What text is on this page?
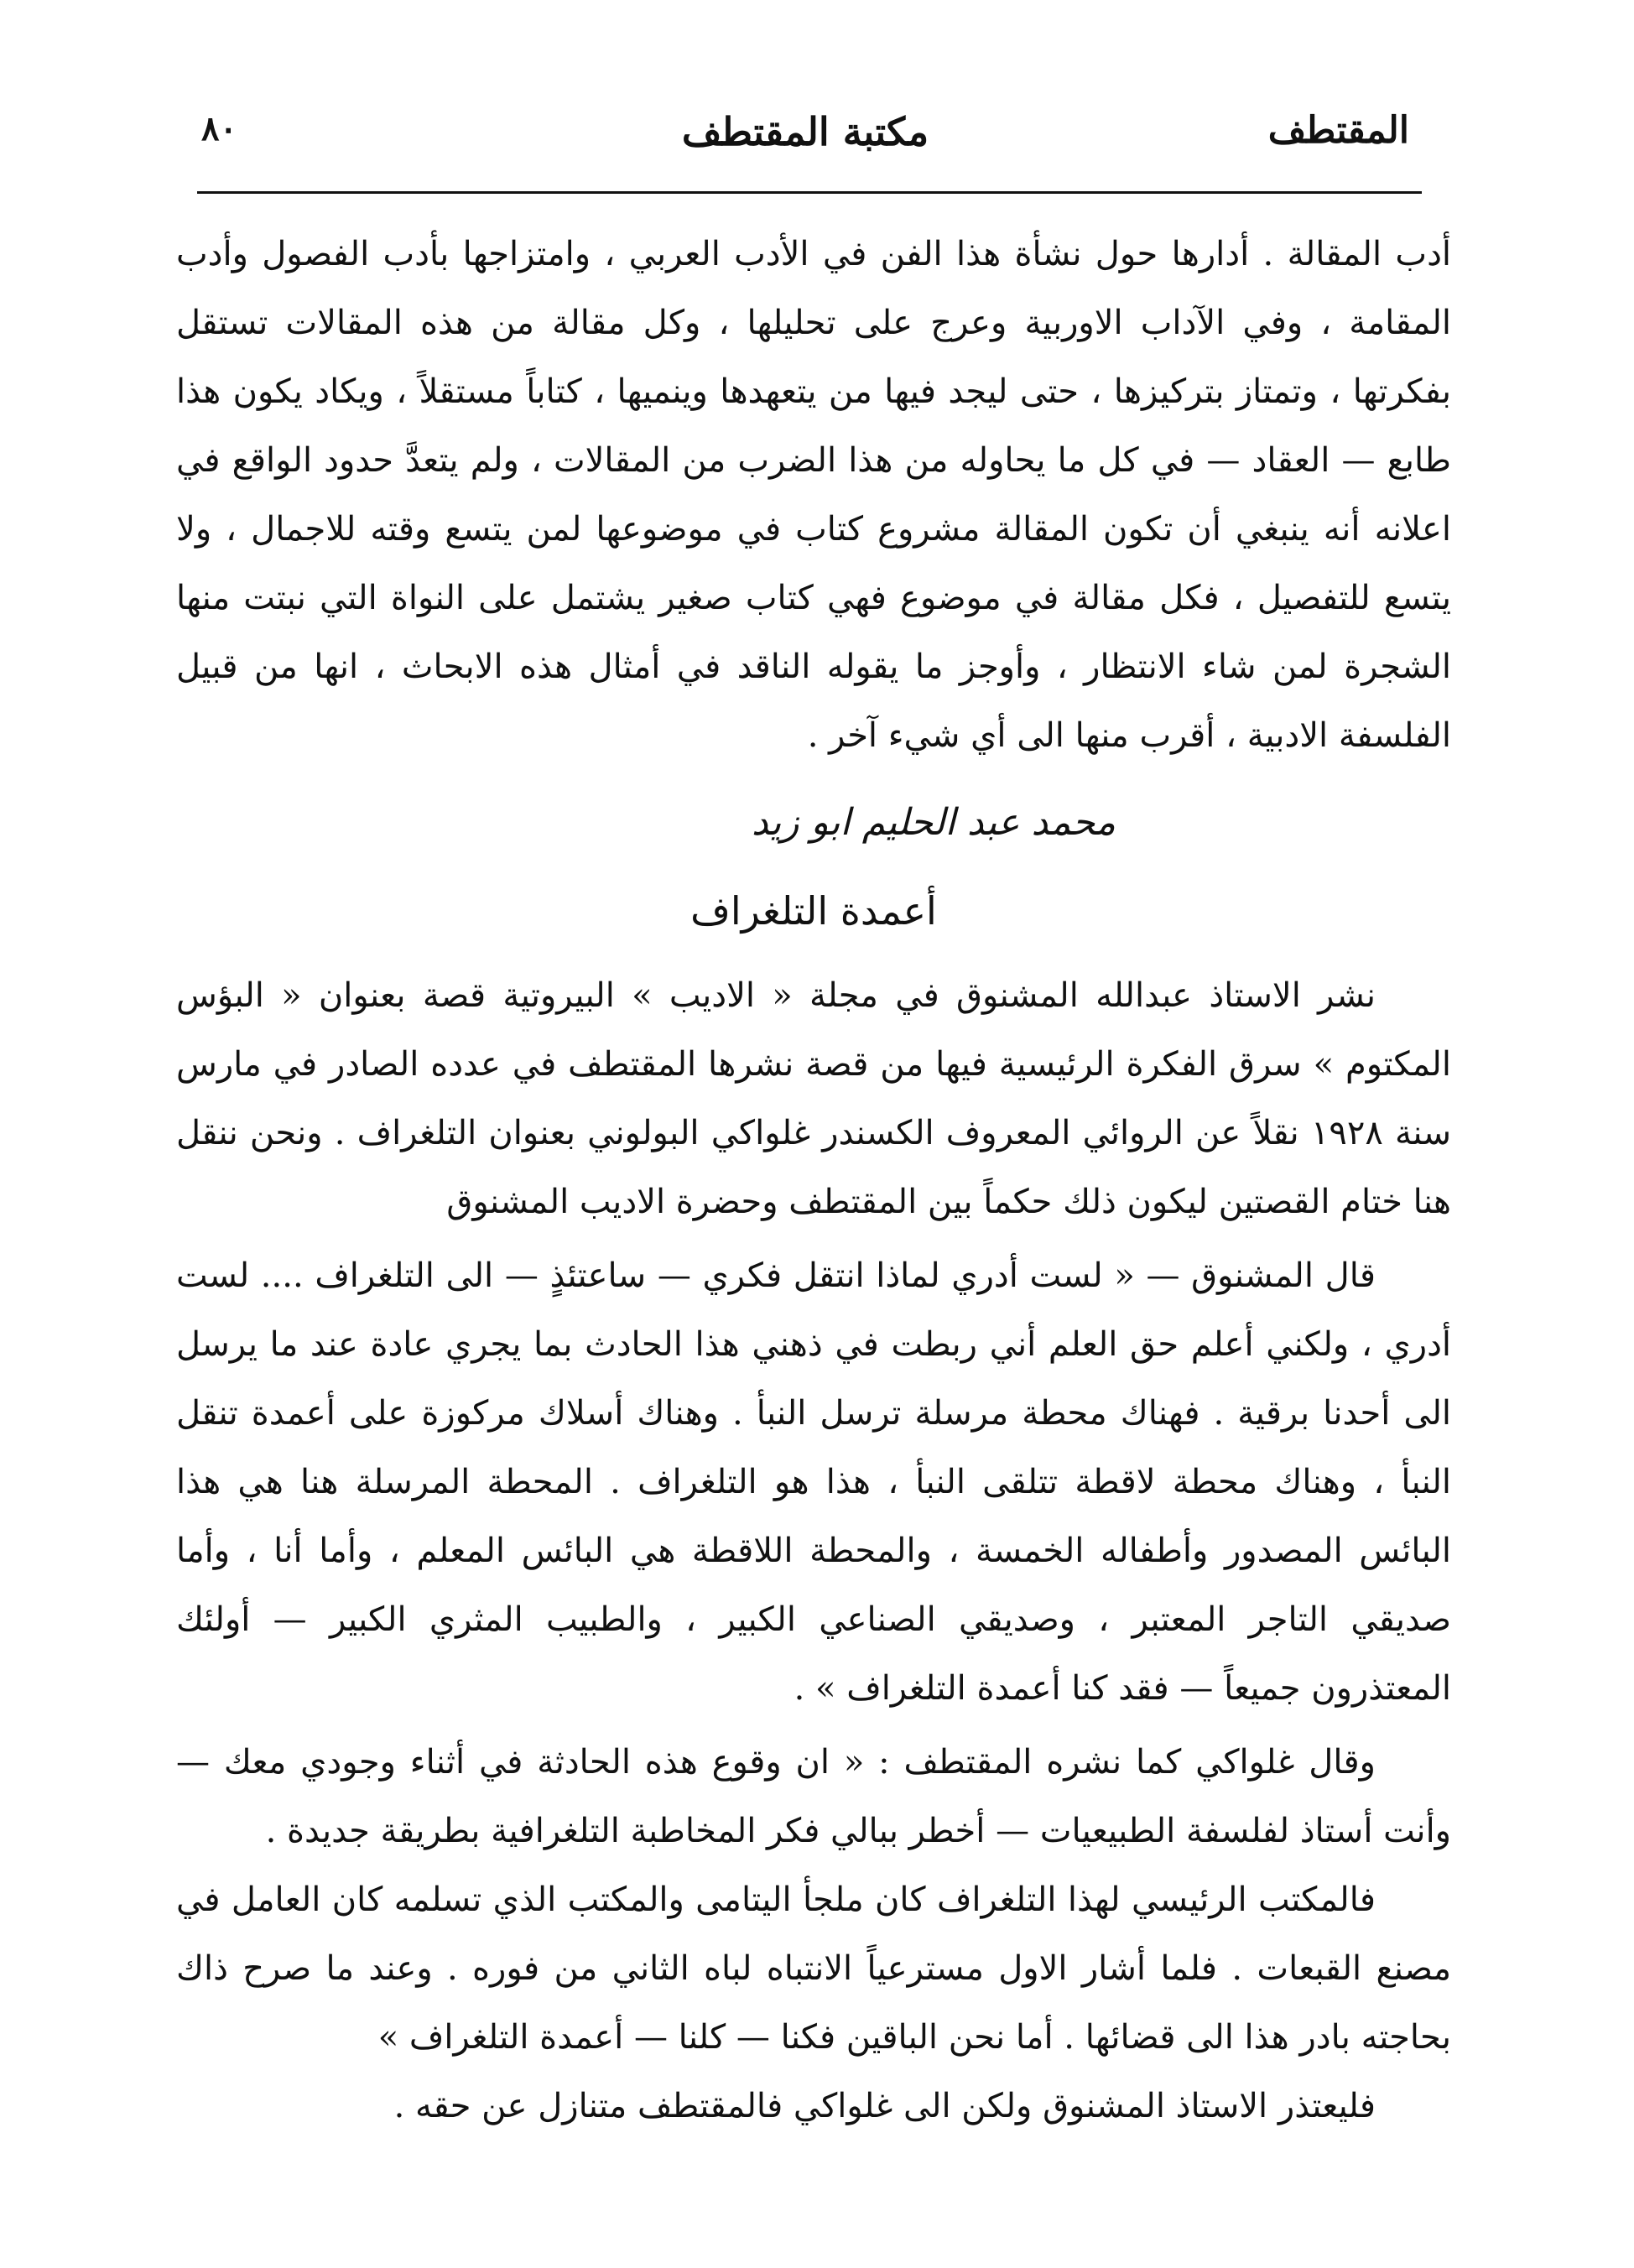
المقتطف
مكتبة المقتطف
٨٠

أدب المقالة . أدارها حول نشأة هذا الفن في الأدب العربي ، وامتزاجها بأدب الفصول وأدب المقامة ، وفي الآداب الاوربية وعرج على تحليلها ، وكل مقالة من هذه المقالات تستقل بفكرتها ، وتمتاز بتركيزها ، حتى ليجد فيها من يتعهدها وينميها ، كتاباً مستقلاً ، ويكاد يكون هذا طابع — العقاد — في كل ما يحاوله من هذا الضرب من المقالات ، ولم يتعدَّ حدود الواقع في اعلانه أنه ينبغي أن تكون المقالة مشروع كتاب في موضوعها لمن يتسع وقته للاجمال ، ولا يتسع للتفصيل ، فكل مقالة في موضوع فهي كتاب صغير يشتمل على النواة التي نبتت منها الشجرة لمن شاء الانتظار ، وأوجز ما يقوله الناقد في أمثال هذه الابحاث ، انها من قبيل الفلسفة الادبية ، أقرب منها الى أي شيء آخر .

محمد عبد الحليم ابو زيد
أعمدة التلغراف

نشر الاستاذ عبدالله المشنوق في مجلة « الاديب » البيروتية قصة بعنوان « البؤس المكتوم » سرق الفكرة الرئيسية فيها من قصة نشرها المقتطف في عدده الصادر في مارس سنة ١٩٢٨ نقلاً عن الروائي المعروف الكسندر غلواكي البولوني بعنوان التلغراف . ونحن ننقل هنا ختام القصتين ليكون ذلك حكماً بين المقتطف وحضرة الاديب المشنوق

قال المشنوق — « لست أدري لماذا انتقل فكري — ساعتئذٍ — الى التلغراف .... لست أدري ، ولكني أعلم حق العلم أني ربطت في ذهني هذا الحادث بما يجري عادة عند ما يرسل الى أحدنا برقية . فهناك محطة مرسلة ترسل النبأ . وهناك أسلاك مركوزة على أعمدة تنقل النبأ ، وهناك محطة لاقطة تتلقى النبأ ، هذا هو التلغراف . المحطة المرسلة هنا هي هذا البائس المصدور وأطفاله الخمسة ، والمحطة اللاقطة هي البائس المعلم ، وأما أنا ، وأما صديقي التاجر المعتبر ، وصديقي الصناعي الكبير ، والطبيب المثري الكبير — أولئك المعتذرون جميعاً — فقد كنا أعمدة التلغراف » .

وقال غلواكي كما نشره المقتطف : « ان وقوع هذه الحادثة في أثناء وجودي معك — وأنت أستاذ لفلسفة الطبيعيات — أخطر ببالي فكر المخاطبة التلغرافية بطريقة جديدة .

فالمكتب الرئيسي لهذا التلغراف كان ملجأ اليتامى والمكتب الذي تسلمه كان العامل في مصنع القبعات . فلما أشار الاول مسترعياً الانتباه لباه الثاني من فوره . وعند ما صرح ذاك بحاجته بادر هذا الى قضائها . أما نحن الباقين فكنا — كلنا — أعمدة التلغراف »

فليعتذر الاستاذ المشنوق ولكن الى غلواكي فالمقتطف متنازل عن حقه .
